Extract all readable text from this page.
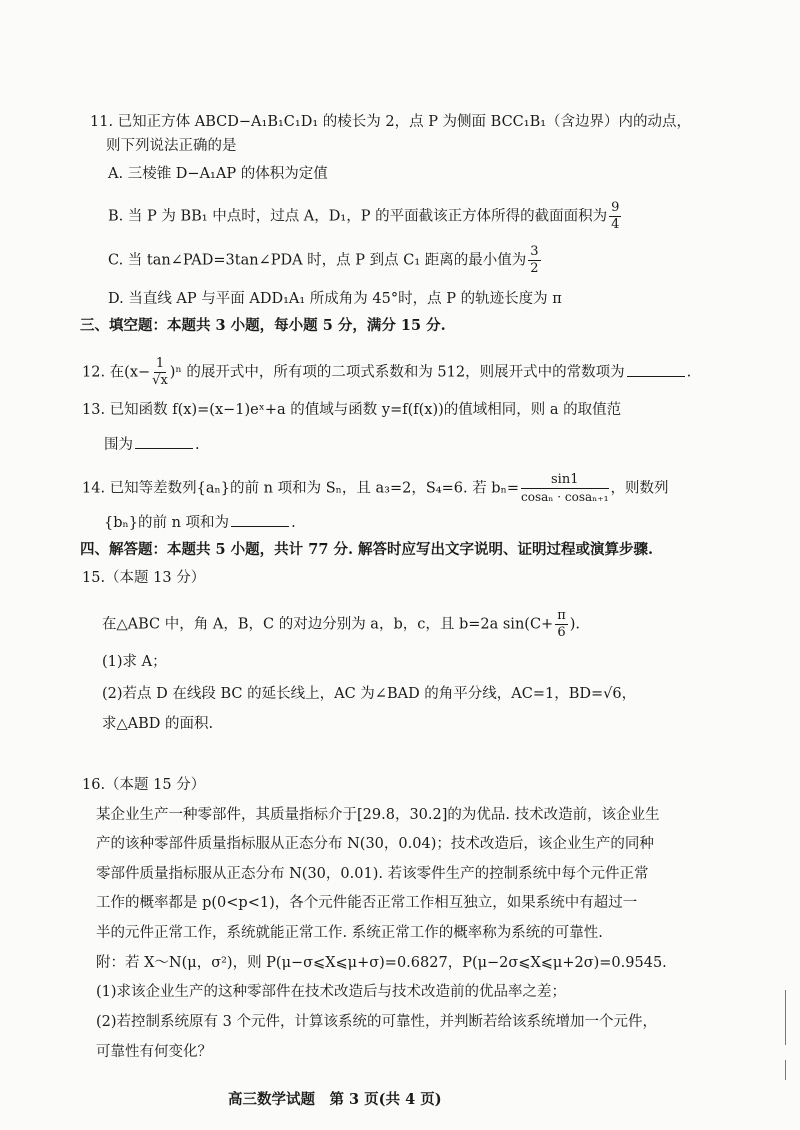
11. 已知正方体 ABCD−A₁B₁C₁D₁ 的棱长为 2，点 P 为侧面 BCC₁B₁（含边界）内的动点，
则下列说法正确的是
A. 三棱锥 D−A₁AP 的体积为定值
B. 当 P 为 BB₁ 中点时，过点 A，D₁，P 的平面截该正方体所得的截面面积为 $\frac{9}{4}$
C. 当 tan∠PAD=3tan∠PDA 时，点 P 到点 C₁ 距离的最小值为 $\frac{3}{2}$
D. 当直线 AP 与平面 ADD₁A₁ 所成角为 45°时，点 P 的轨迹长度为 π
三、填空题：本题共 3 小题，每小题 5 分，满分 15 分.
12. 在$(x- \frac{1}{√x} )^n$ 的展开式中，所有项的二项式系数和为 512，则展开式中的常数项为	.
13. 已知函数 f(x)=(x−1)eˣ+a 的值域与函数 y=f(f(x))的值域相同，则 a 的取值范
围为	.
14. 已知等差数列{aₙ}的前 n 项和为 Sₙ，且 a₃=2，S₄=6. 若 $b_n= \frac{\sin 1}{\text{cosaₙ · cosaₙ₊₁}}$ ，则数列
{bₙ}的前 n 项和为	.
四、解答题：本题共 5 小题，共计 77 分. 解答时应写出文字说明、证明过程或演算步骤.
15.（本题 13 分）
在△ABC 中，角 A，B，C 的对边分别为 a，b，c，且 b=2a $\sin(C+ \frac{\pi}{6}$ ).
(1)求 A；
(2)若点 D 在线段 BC 的延长线上，AC 为∠BAD 的角平分线，AC=1，BD=√6，
求△ABD 的面积.
16.（本题 15 分）
某企业生产一种零部件，其质量指标介于[29.8，30.2]的为优品. 技术改造前，该企业生
产的该种零部件质量指标服从正态分布 N(30，0.04)；技术改造后，该企业生产的同种
零部件质量指标服从正态分布 N(30，0.01). 若该零件生产的控制系统中每个元件正常
工作的概率都是 p(0<p<1)，各个元件能否正常工作相互独立，如果系统中有超过一
半的元件正常工作，系统就能正常工作. 系统正常工作的概率称为系统的可靠性.
附：若 X～N(μ，σ²)，则 P(μ−σ⩽X⩽μ+σ)=0.6827，P(μ−2σ⩽X⩽μ+2σ)=0.9545.
(1)求该企业生产的这种零部件在技术改造后与技术改造前的优品率之差；
(2)若控制系统原有 3 个元件，计算该系统的可靠性，并判断若给该系统增加一个元件，
可靠性有何变化？
高三数学试题　第 3 页(共 4 页)
